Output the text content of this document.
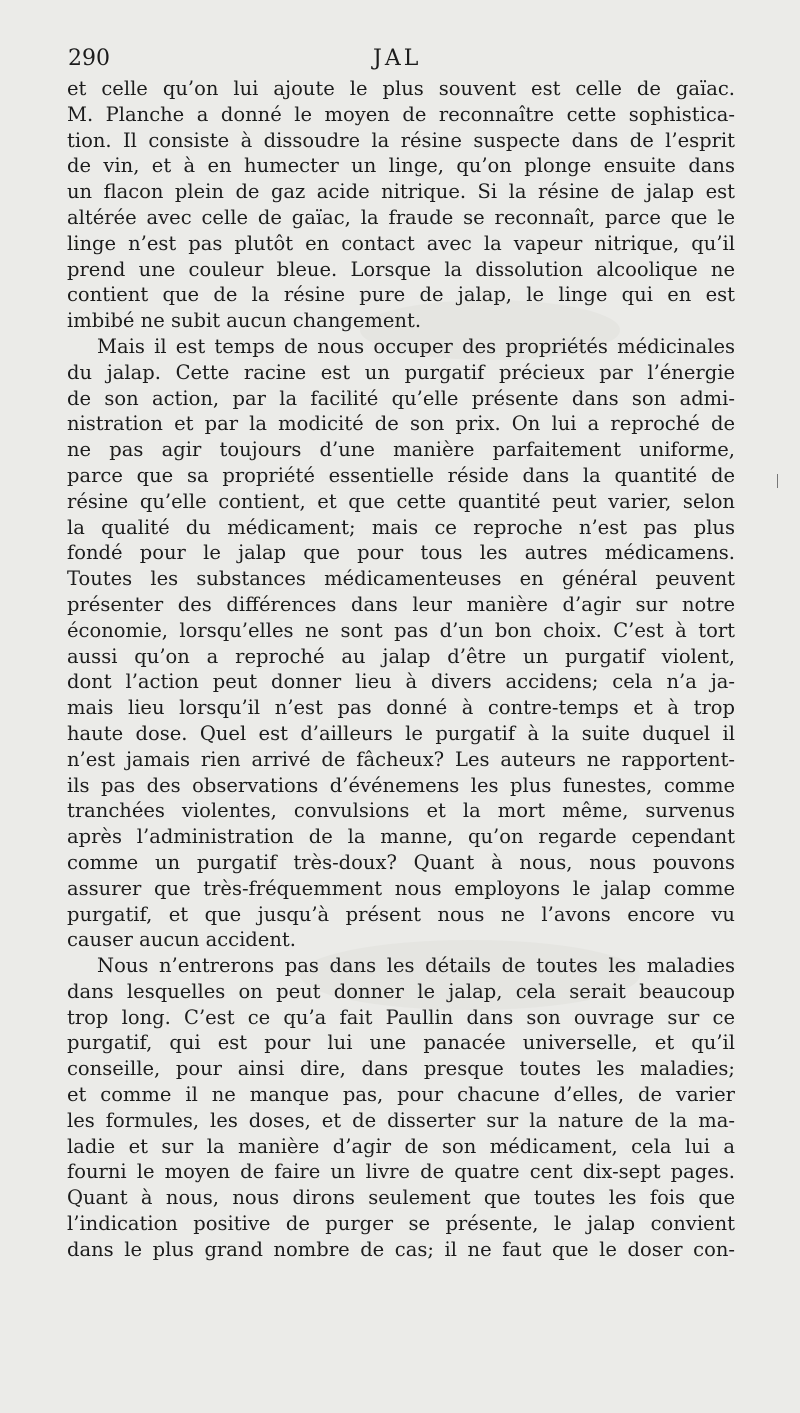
290	JAL
et celle qu’on lui ajoute le plus souvent est celle de gaïac.
M. Planche a donné le moyen de reconnaître cette sophistica-
tion. Il consiste à dissoudre la résine suspecte dans de l’esprit
de vin, et à en humecter un linge, qu’on plonge ensuite dans
un flacon plein de gaz acide nitrique. Si la résine de jalap est
altérée avec celle de gaïac, la fraude se reconnaît, parce que le
linge n’est pas plutôt en contact avec la vapeur nitrique, qu’il
prend une couleur bleue. Lorsque la dissolution alcoolique ne
contient que de la résine pure de jalap, le linge qui en est
imbibé ne subit aucun changement.
Mais il est temps de nous occuper des propriétés médicinales
du jalap. Cette racine est un purgatif précieux par l’énergie
de son action, par la facilité qu’elle présente dans son admi-
nistration et par la modicité de son prix. On lui a reproché de
ne pas agir toujours d’une manière parfaitement uniforme,
parce que sa propriété essentielle réside dans la quantité de
résine qu’elle contient, et que cette quantité peut varier, selon
la qualité du médicament; mais ce reproche n’est pas plus
fondé pour le jalap que pour tous les autres médicamens.
Toutes les substances médicamenteuses en général peuvent
présenter des différences dans leur manière d’agir sur notre
économie, lorsqu’elles ne sont pas d’un bon choix. C’est à tort
aussi qu’on a reproché au jalap d’être un purgatif violent,
dont l’action peut donner lieu à divers accidens; cela n’a ja-
mais lieu lorsqu’il n’est pas donné à contre-temps et à trop
haute dose. Quel est d’ailleurs le purgatif à la suite duquel il
n’est jamais rien arrivé de fâcheux? Les auteurs ne rapportent-
ils pas des observations d’événemens les plus funestes, comme
tranchées violentes, convulsions et la mort même, survenus
après l’administration de la manne, qu’on regarde cependant
comme un purgatif très-doux? Quant à nous, nous pouvons
assurer que très-fréquemment nous employons le jalap comme
purgatif, et que jusqu’à présent nous ne l’avons encore vu
causer aucun accident.
Nous n’entrerons pas dans les détails de toutes les maladies
dans lesquelles on peut donner le jalap, cela serait beaucoup
trop long. C’est ce qu’a fait Paullin dans son ouvrage sur ce
purgatif, qui est pour lui une panacée universelle, et qu’il
conseille, pour ainsi dire, dans presque toutes les maladies;
et comme il ne manque pas, pour chacune d’elles, de varier
les formules, les doses, et de disserter sur la nature de la ma-
ladie et sur la manière d’agir de son médicament, cela lui a
fourni le moyen de faire un livre de quatre cent dix-sept pages.
Quant à nous, nous dirons seulement que toutes les fois que
l’indication positive de purger se présente, le jalap convient
dans le plus grand nombre de cas; il ne faut que le doser con-
